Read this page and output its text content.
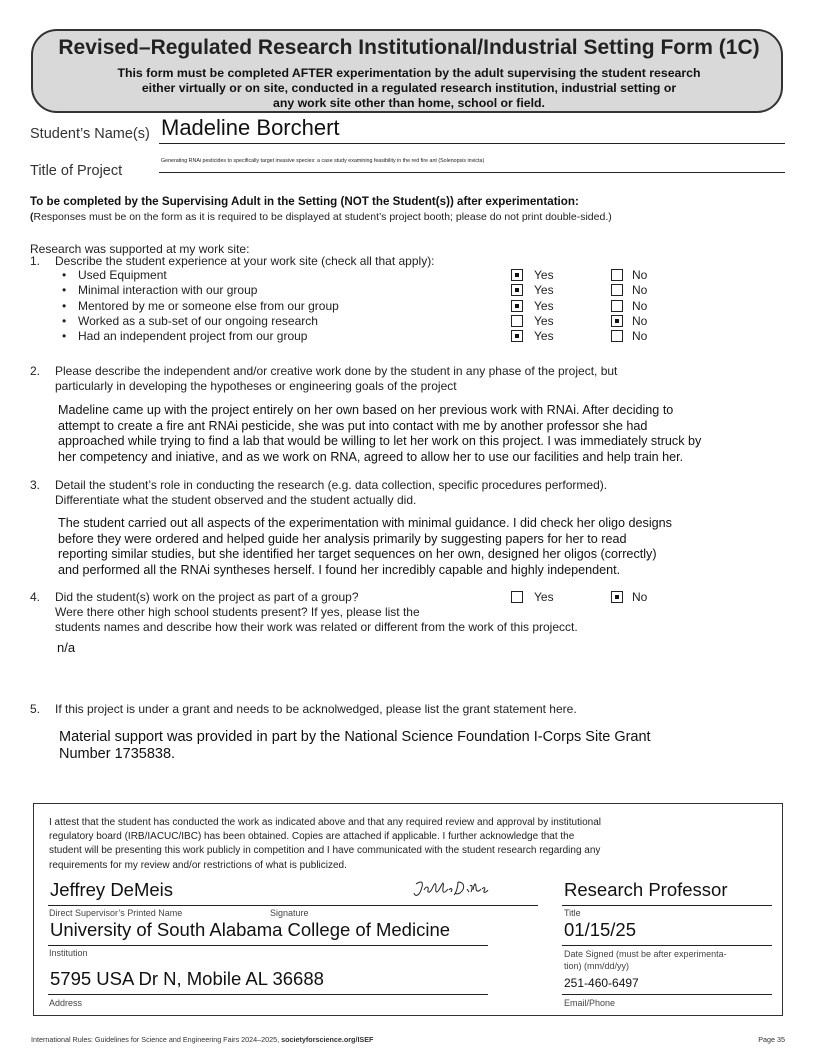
Revised–Regulated Research Institutional/Industrial Setting Form (1C)
This form must be completed AFTER experimentation by the adult supervising the student research
either virtually or on site, conducted in a regulated research institution, industrial setting or
any work site other than home, school or field.
Student’s Name(s) Madeline Borchert
Title of Project
Generating RNAi pesticides to specifically target invasive species: a case study examining feasibility in the red fire ant (Solenopsis invicta)
To be completed by the Supervising Adult in the Setting (NOT the Student(s)) after experimentation:
(Responses must be on the form as it is required to be displayed at student’s project booth; please do not print double-sided.)
Research was supported at my work site:
1. Describe the student experience at your work site (check all that apply):
• Used Equipment	Yes	No
• Minimal interaction with our group	Yes	No
• Mentored by me or someone else from our group	Yes	No
• Worked as a sub-set of our ongoing research	Yes	No
• Had an independent project from our group	Yes	No
2. Please describe the independent and/or creative work done by the student in any phase of the project, but
particularly in developing the hypotheses or engineering goals of the project
Madeline came up with the project entirely on her own based on her previous work with RNAi. After deciding to
attempt to create a fire ant RNAi pesticide, she was put into contact with me by another professor she had
approached while trying to find a lab that would be willing to let her work on this project. I was immediately struck by
her competency and iniative, and as we work on RNA, agreed to allow her to use our facilities and help train her.
3. Detail the student’s role in conducting the research (e.g. data collection, specific procedures performed).
Differentiate what the student observed and the student actually did.
The student carried out all aspects of the experimentation with minimal guidance. I did check her oligo designs
before they were ordered and helped guide her analysis primarily by suggesting papers for her to read
reporting similar studies, but she identified her target sequences on her own, designed her oligos (correctly)
and performed all the RNAi syntheses herself. I found her incredibly capable and highly independent.
4. Did the student(s) work on the project as part of a group?
Were there other high school students present? If yes, please list the
students names and describe how their work was related or different from the work of this projecct.
Yes	No
n/a
5. If this project is under a grant and needs to be acknolwedged, please list the grant statement here.
Material support was provided in part by the National Science Foundation I-Corps Site Grant
Number 1735838.
I attest that the student has conducted the work as indicated above and that any required review and approval by institutional
regulatory board (IRB/IACUC/IBC) has been obtained. Copies are attached if applicable. I further acknowledge that the
student will be presenting this work publicly in competition and I have communicated with the student research regarding any
requirements for my review and/or restrictions of what is publicized.
Jeffrey DeMeis
Direct Supervisor’s Printed Name	Signature
Research Professor
Title
University of South Alabama College of Medicine
Institution
01/15/25
Date Signed (must be after experimenta-
tion) (mm/dd/yy)
5795 USA Dr N, Mobile AL 36688
Address
251-460-6497
Email/Phone
International Rules: Guidelines for Science and Engineering Fairs 2024–2025, societyforscience.org/ISEF	Page 35
